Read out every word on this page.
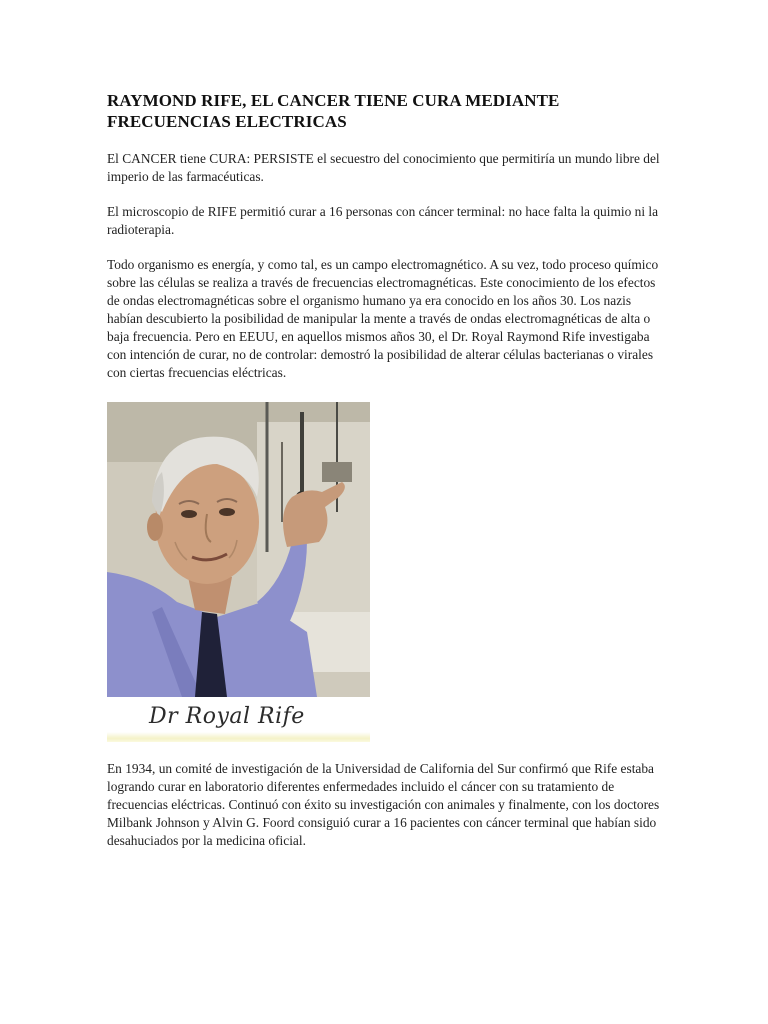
RAYMOND RIFE, EL CANCER TIENE CURA MEDIANTE FRECUENCIAS ELECTRICAS

El CANCER tiene CURA: PERSISTE el secuestro del conocimiento que permitiría un mundo libre del imperio de las farmacéuticas.

El microscopio de RIFE permitió curar a 16 personas con cáncer terminal: no hace falta la quimio ni la radioterapia.

Todo organismo es energía, y como tal, es un campo electromagnético. A su vez, todo proceso químico sobre las células se realiza a través de frecuencias electromagnéticas. Este conocimiento de los efectos de ondas electromagnéticas sobre el organismo humano ya era conocido en los años 30. Los nazis habían descubierto la posibilidad de manipular la mente a través de ondas electromagnéticas de alta o baja frecuencia. Pero en EEUU, en aquellos mismos años 30, el Dr. Royal Raymond Rife investigaba con intención de curar, no de controlar: demostró la posibilidad de alterar células bacterianas o virales con ciertas frecuencias eléctricas.

Dr Royal Rife

En 1934, un comité de investigación de la Universidad de California del Sur confirmó que Rife estaba logrando curar en laboratorio diferentes enfermedades incluido el cáncer con su tratamiento de frecuencias eléctricas. Continuó con éxito su investigación con animales y finalmente, con los doctores Milbank Johnson y Alvin G. Foord consiguió curar a 16 pacientes con cáncer terminal que habían sido desahuciados por la medicina oficial.
